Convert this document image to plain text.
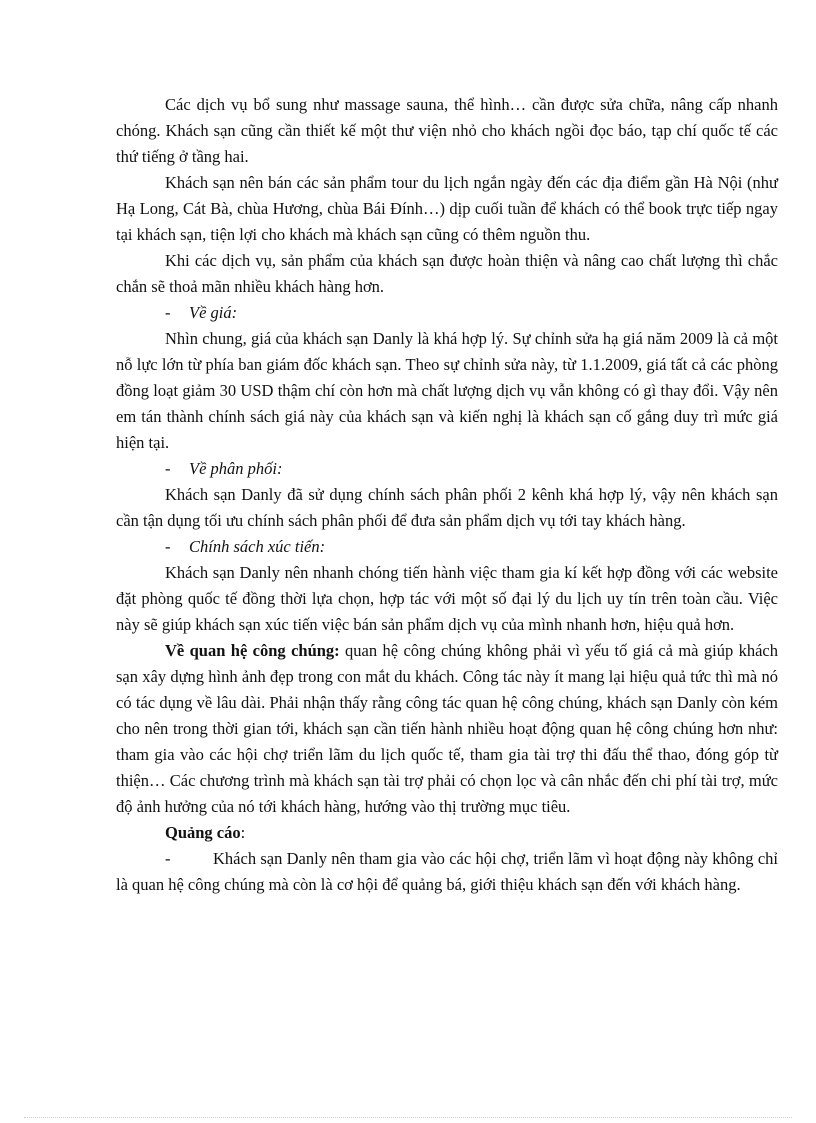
Các dịch vụ bổ sung như massage sauna, thể hình… cần được sửa chữa, nâng cấp nhanh chóng. Khách sạn cũng cần thiết kế một thư viện nhỏ cho khách ngồi đọc báo, tạp chí quốc tế các thứ tiếng ở tầng hai.

Khách sạn nên bán các sản phẩm tour du lịch ngắn ngày đến các địa điểm gần Hà Nội (như Hạ Long, Cát Bà, chùa Hương, chùa Bái Đính…) dịp cuối tuần để khách có thể book trực tiếp ngay tại khách sạn, tiện lợi cho khách mà khách sạn cũng có thêm nguồn thu.

Khi các dịch vụ, sản phẩm của khách sạn được hoàn thiện và nâng cao chất lượng thì chắc chắn sẽ thoả mãn nhiều khách hàng hơn.

- Về giá:

Nhìn chung, giá của khách sạn Danly là khá hợp lý. Sự chỉnh sửa hạ giá năm 2009 là cả một nỗ lực lớn từ phía ban giám đốc khách sạn. Theo sự chỉnh sửa này, từ 1.1.2009, giá tất cả các phòng đồng loạt giảm 30 USD thậm chí còn hơn mà chất lượng dịch vụ vẫn không có gì thay đổi. Vậy nên em tán thành chính sách giá này của khách sạn và kiến nghị là khách sạn cố gắng duy trì mức giá hiện tại.

- Về phân phối:

Khách sạn Danly đã sử dụng chính sách phân phối 2 kênh khá hợp lý, vậy nên khách sạn cần tận dụng tối ưu chính sách phân phối để đưa sản phẩm dịch vụ tới tay khách hàng.

- Chính sách xúc tiến:

Khách sạn Danly nên nhanh chóng tiến hành việc tham gia kí kết hợp đồng với các website đặt phòng quốc tế đồng thời lựa chọn, hợp tác với một số đại lý du lịch uy tín trên toàn cầu. Việc này sẽ giúp khách sạn xúc tiến việc bán sản phẩm dịch vụ của mình nhanh hơn, hiệu quả hơn.

Về quan hệ công chúng: quan hệ công chúng không phải vì yếu tố giá cả mà giúp khách sạn xây dựng hình ảnh đẹp trong con mắt du khách. Công tác này ít mang lại hiệu quả tức thì mà nó có tác dụng về lâu dài. Phải nhận thấy rằng công tác quan hệ công chúng, khách sạn Danly còn kém cho nên trong thời gian tới, khách sạn cần tiến hành nhiều hoạt động quan hệ công chúng hơn như: tham gia vào các hội chợ triển lãm du lịch quốc tế, tham gia tài trợ thi đấu thể thao, đóng góp từ thiện… Các chương trình mà khách sạn tài trợ phải có chọn lọc và cân nhắc đến chi phí tài trợ, mức độ ảnh hưởng của nó tới khách hàng, hướng vào thị trường mục tiêu.

Quảng cáo:

-	Khách sạn Danly nên tham gia vào các hội chợ, triển lãm vì hoạt động này không chỉ là quan hệ công chúng mà còn là cơ hội để quảng bá, giới thiệu khách sạn đến với khách hàng.
